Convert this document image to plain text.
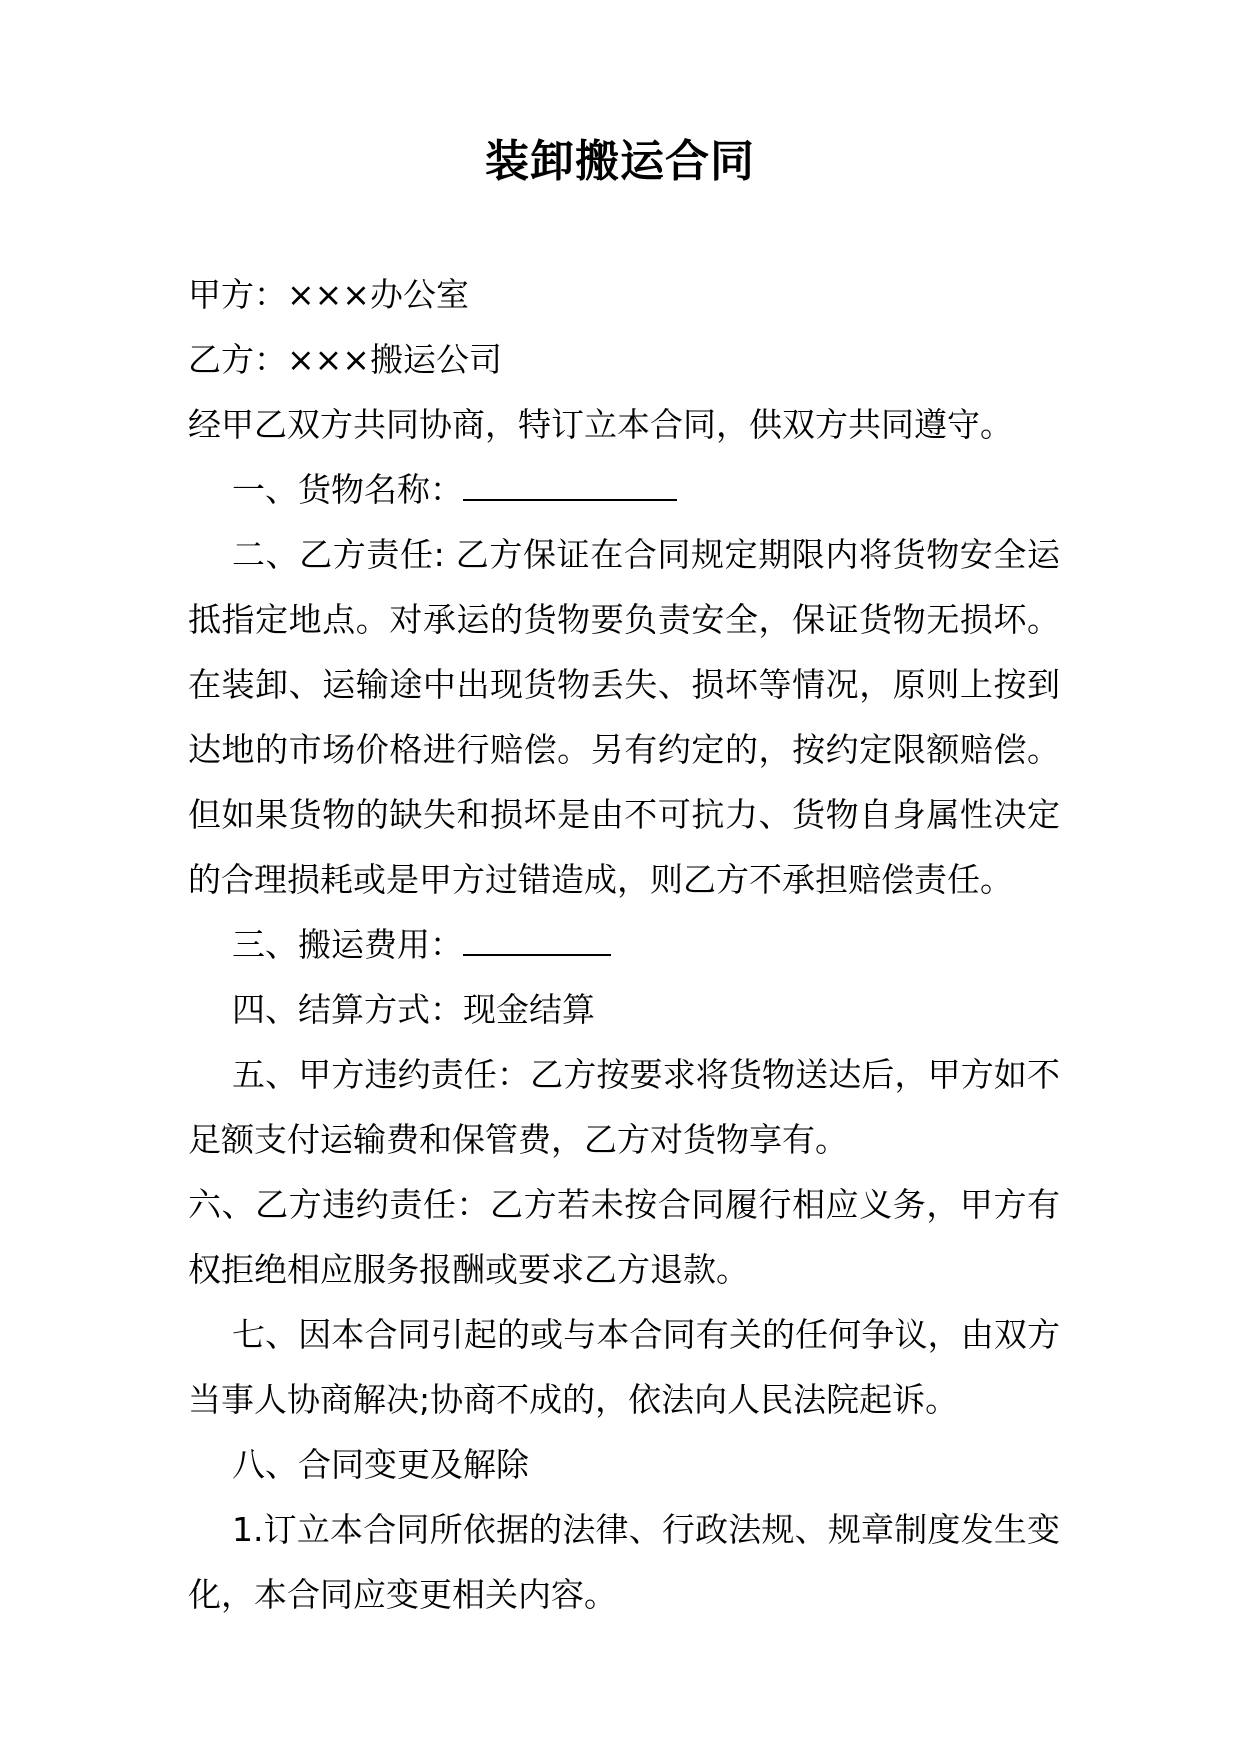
装卸搬运合同

甲方：×××办公室

乙方：×××搬运公司

经甲乙双方共同协商，特订立本合同，供双方共同遵守。

一、货物名称：

二、乙方责任: 乙方保证在合同规定期限内将货物安全运抵指定地点。对承运的货物要负责安全，保证货物无损坏。在装卸、运输途中出现货物丢失、损坏等情况，原则上按到达地的市场价格进行赔偿。另有约定的，按约定限额赔偿。但如果货物的缺失和损坏是由不可抗力、货物自身属性决定的合理损耗或是甲方过错造成，则乙方不承担赔偿责任。

三、搬运费用：

四、结算方式：现金结算

五、甲方违约责任：乙方按要求将货物送达后，甲方如不足额支付运输费和保管费，乙方对货物享有。

六、乙方违约责任：乙方若未按合同履行相应义务，甲方有权拒绝相应服务报酬或要求乙方退款。

七、因本合同引起的或与本合同有关的任何争议，由双方当事人协商解决;协商不成的，依法向人民法院起诉。

八、合同变更及解除

1.订立本合同所依据的法律、行政法规、规章制度发生变化，本合同应变更相关内容。
